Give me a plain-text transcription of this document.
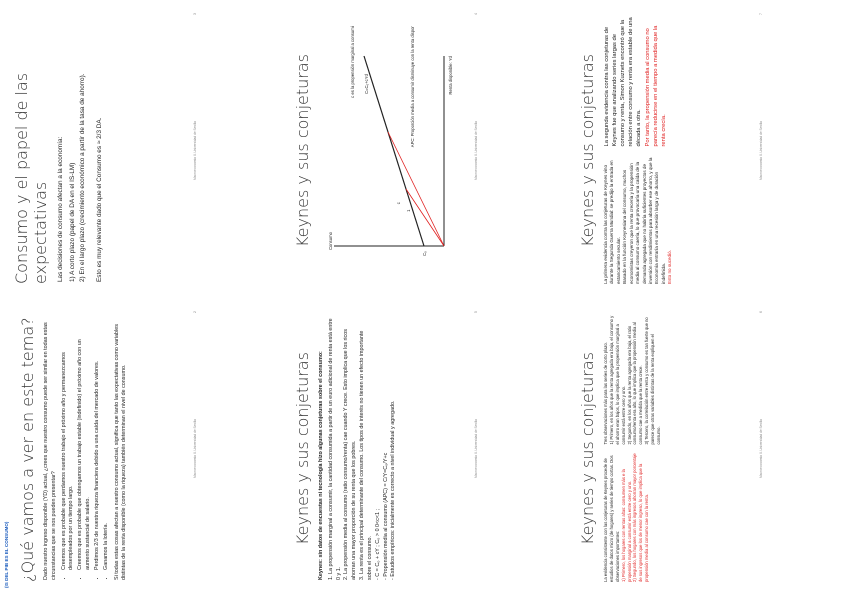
(IS DEL PIB ES EL CONSUMO) ¿Qué vamos a ver en este tema? Dado nuestro ingreso disponible (YD) actual, ¿crees que nuestro consumo puede ser similar en todas estas circunstancias que se nos pueden presentar? • Creemos que es probable que perdamos nuestro trabajo el próximo año y permanezcamos desempleados por un tiempo largo. • Creemos que es probable que obtengamos un trabajo estable (indefinido) el próximo año con un aumento sustancial de salario. • Perdimos 2/3 de nuestra riqueza financiera debido a una caída del mercado de valores. • Ganamos la lotería. Si todas estas cosas afectan a nuestro consumo actual, significa que tanto las expectativas como variables distintas de la renta disponible (como la riqueza) también determinan el nivel de consumo.	Macroeconomía II. Universidad de Sevilla
2
Keynes y sus conjeturas Keynes: sin datos de encuestas ni tecnología hizo algunas conjeturas sobre el consumo: 1. La propensión marginal a consumir, la cantidad consumida a partir de un euro adicional de renta está entre 0 y 1. 2. La propensión media al consumo (ratio consumo/renta) cae cuando Y crece. Esto implica que los ricos ahorran una mayor proporción de su renta que los pobres. 3. La renta es el principal determinante del consumo. Los tipos de interés no tienen un efecto importante sobre el consumo. - C = C₀ + cY ; C₀ > 0 0<c<1 ; - Propensión media al consumo (APC) = C/Y=C₀/Y+c - Estudios empíricos: inicialmente es correcto a nivel individual y agregado.	Macroeconomía II. Universidad de Sevilla
5
Keynes y sus conjeturas La evidencia consistente con las conjeturas de Keynes procede de estudios de datos micro (de hogares) y series de tiempo cortas. Dos observaciones importantes: 1) Primero, los hogares con rentas altas: consumen más e la propensión marginal a consumir está entre cero y uno. 2) Segundo, los hogares con más ingresos ahorran mayor porcentaje de sus ingresos que los de menor ingreso, lo que implica que la propensión media al consumo cae con la renta.
Tres observaciones más para las series de corto plazo. 1) Primero, en los años que la renta agregada era baja, el consumo y el ahorro eran bajos, lo que implica que la propensión marginal a consumir está entre cero y uno. 2) Segundo, en los años que la renta agregada era baja, el ratio consumo/renta era alto, lo que implica que la propensión media al consumo cae a medida que la renta crece. 3) Tercero, la correlación entre renta y consumo es tan fuerte que no parece que otras variables distintas de la renta expliquen el consumo.	Macroeconomía II. Universidad de Sevilla
6
Consumo y el papel de las expectativas Las decisiones de consumo afectan a la economía: 1) A corto plazo (papel de DA en el IS-LM) 2) En el largo plazo (crecimiento económico a partir de la tasa de ahorro). Esto es muy relevante dado que el Consumo es ≈ 2/3 DA.	Macroeconomía II. Universidad de Sevilla
3
Keynes y sus conjeturas	Consumo
Renta disponible: Yd
C₀
c es la propensión marginal a consumir C=C₀+cYd	APC: Proporción media a consumir disminuye con la renta disponible
c
1
Macroeconomía II. Universidad de Sevilla
4
Keynes y sus conjeturas La primera evidencia contra las conjeturas de Keynes vino durante la Segunda Guerra Mundial: se predijo la entrada en estancamiento secular. Basado en la función Keynesiana del consumo, muchos economistas creyeron que la renta crecería y la propensión media al consumo caería, lo que provocaría una caída de la demanda agregada que no habría suficientes proyectos de inversión con rendimientos para absorber ese ahorro, y que la Economía entraría en una recesión larga y de duración indefinida. Esto no sucedió.
La segunda evidencia contra las conjeturas de Keynes fue que analizando series largas de consumo y renta, Simon Kuznets encontró que la relación entre consumo y renta era estable de una década a otra. Por tanto, la propensión media al consumo no parecía reducirse en el tiempo a medida que la renta crecía.	Macroeconomía II. Universidad de Sevilla
7
